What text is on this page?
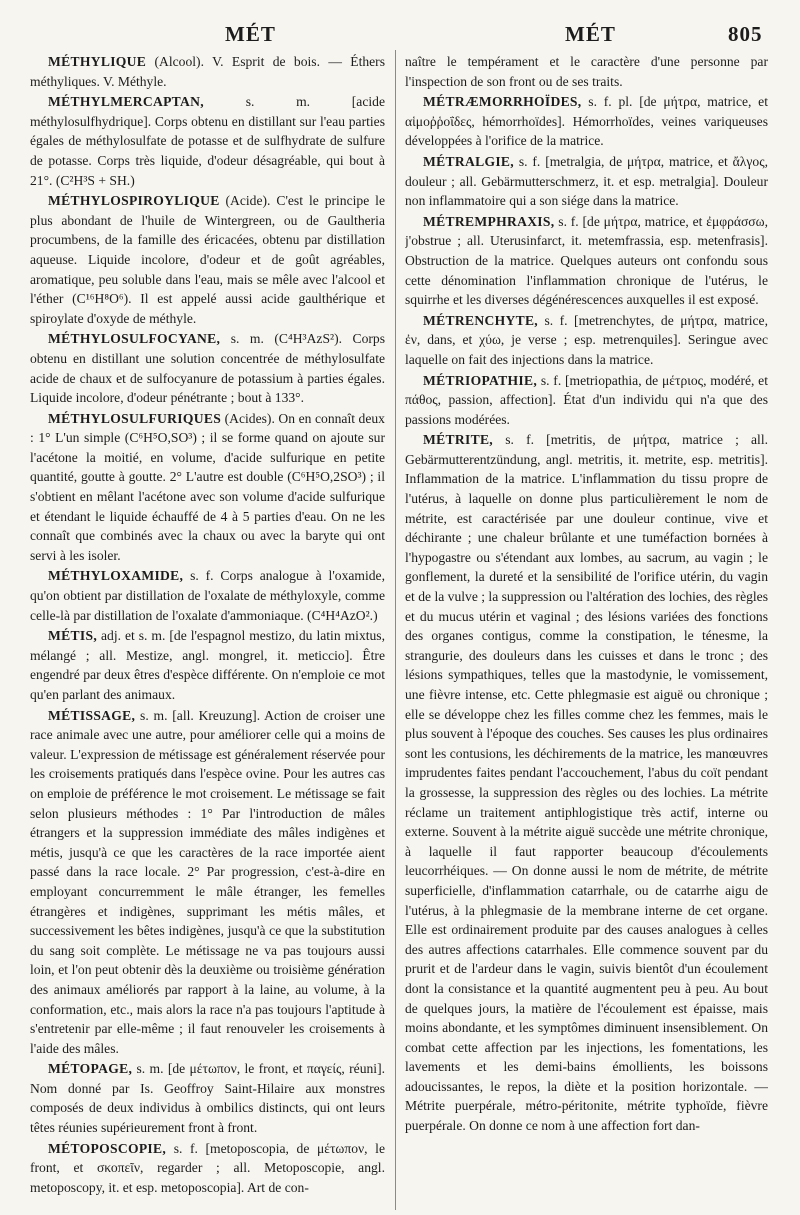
MÉT	MÉT	805

MÉTHYLIQUE (Alcool). V. Esprit de bois. — Éthers méthyliques. V. Méthyle.

MÉTHYLMERCAPTAN,	s. m. [acide méthylosulfhydrique]. Corps obtenu en distillant sur l'eau parties égales de méthylosulfate de potasse et de sulfhydrate de sulfure de potasse. Corps très liquide, d'odeur désagréable, qui bout à 21°. (C²H³S + SH.)

MÉTHYLOSPIROYLIQUE (Acide). C'est le principe le plus abondant de l'huile de Wintergreen, ou de Gaultheria procumbens, de la famille des éricacées, obtenu par distillation aqueuse. Liquide incolore, d'odeur et de goût agréables, aromatique, peu soluble dans l'eau, mais se mêle avec l'alcool et l'éther (C¹⁶H⁸O⁶). Il est appelé aussi acide gaulthérique et spiroylate d'oxyde de méthyle.

MÉTHYLOSULFOCYANE, s. m. (C⁴H³AzS²). Corps obtenu en distillant une solution concentrée de méthylosulfate acide de chaux et de sulfocyanure de potassium à parties égales. Liquide incolore, d'odeur pénétrante ; bout à 133°.

MÉTHYLOSULFURIQUES (Acides). On en connaît deux : 1° L'un simple (C⁶H⁵O,SO³) ; il se forme quand on ajoute sur l'acétone la moitié, en volume, d'acide sulfurique en petite quantité, goutte à goutte. 2° L'autre est double (C⁶H⁵O,2SO³) ; il s'obtient en mêlant l'acétone avec son volume d'acide sulfurique et étendant le liquide échauffé de 4 à 5 parties d'eau. On ne les connaît que combinés avec la chaux ou avec la baryte qui ont servi à les isoler.

MÉTHYLOXAMIDE, s. f. Corps analogue à l'oxamide, qu'on obtient par distillation de l'oxalate de méthyloxyle, comme celle-là par distillation de l'oxalate d'ammoniaque. (C⁴H⁴AzO².)

MÉTIS, adj. et s. m. [de l'espagnol mestizo, du latin mixtus, mélangé ; all. Mestize, angl. mongrel, it. meticcio]. Être engendré par deux êtres d'espèce différente. On n'emploie ce mot qu'en parlant des animaux.

MÉTISSAGE, s. m. [all. Kreuzung]. Action de croiser une race animale avec une autre, pour améliorer celle qui a moins de valeur. L'expression de métissage est généralement réservée pour les croisements pratiqués dans l'espèce ovine. Pour les autres cas on emploie de préférence le mot croisement. Le métissage se fait selon plusieurs méthodes : 1° Par l'introduction de mâles étrangers et la suppression immédiate des mâles indigènes et métis, jusqu'à ce que les caractères de la race importée aient passé dans la race locale. 2° Par progression, c'est-à-dire en employant concurremment le mâle étranger, les femelles étrangères et indigènes, supprimant les métis mâles, et successivement les bêtes indigènes, jusqu'à ce que la substitution du sang soit complète. Le métissage ne va pas toujours aussi loin, et l'on peut obtenir dès la deuxième ou troisième génération des animaux améliorés par rapport à la laine, au volume, à la conformation, etc., mais alors la race n'a pas toujours l'aptitude à s'entretenir par elle-même ; il faut renouveler les croisements à l'aide des mâles.

MÉTOPAGE, s. m. [de μέτωπον, le front, et παγείς, réuni]. Nom donné par Is. Geoffroy Saint-Hilaire aux monstres composés de deux individus à ombilics distincts, qui ont leurs têtes réunies supérieurement front à front.

MÉTOPOSCOPIE, s. f. [metoposcopia, de μέτωπον, le front, et σκοπεῖν, regarder ; all. Metoposcopie, angl. metoposcopy, it. et esp. metoposcopia]. Art de con-

naître le tempérament et le caractère d'une personne par l'inspection de son front ou de ses traits.

MÉTRÆMORRHOÏDES, s. f. pl. [de μήτρα, matrice, et αἱμοῤῥοΐδες, hémorrhoïdes]. Hémorrhoïdes, veines variqueuses développées à l'orifice de la matrice.

MÉTRALGIE, s. f. [metralgia, de μήτρα, matrice, et ἄλγος, douleur ; all. Gebärmutterschmerz, it. et esp. metralgia]. Douleur non inflammatoire qui a son siége dans la matrice.

MÉTREMPHRAXIS, s. f. [de μήτρα, matrice, et ἐμφράσσω, j'obstrue ; all. Uterusinfarct, it. metemfrassia, esp. metenfrasis]. Obstruction de la matrice. Quelques auteurs ont confondu sous cette dénomination l'inflammation chronique de l'utérus, le squirrhe et les diverses dégénérescences auxquelles il est exposé.

MÉTRENCHYTE, s. f. [metrenchytes, de μήτρα, matrice, ἐν, dans, et χύω, je verse ; esp. metrenquiles]. Seringue avec laquelle on fait des injections dans la matrice.

MÉTRIOPATHIE, s. f. [metriopathia, de μέτριος, modéré, et πάθος, passion, affection]. État d'un individu qui n'a que des passions modérées.

MÉTRITE, s. f. [metritis, de μήτρα, matrice ; all. Gebärmutterentzündung, angl. metritis, it. metrite, esp. metritis]. Inflammation de la matrice. L'inflammation du tissu propre de l'utérus, à laquelle on donne plus particulièrement le nom de métrite, est caractérisée par une douleur continue, vive et déchirante ; une chaleur brûlante et une tuméfaction bornées à l'hypogastre ou s'étendant aux lombes, au sacrum, au vagin ; le gonflement, la dureté et la sensibilité de l'orifice utérin, du vagin et de la vulve ; la suppression ou l'altération des lochies, des règles et du mucus utérin et vaginal ; des lésions variées des fonctions des organes contigus, comme la constipation, le ténesme, la strangurie, des douleurs dans les cuisses et dans le tronc ; des lésions sympathiques, telles que la mastodynie, le vomissement, une fièvre intense, etc. Cette phlegmasie est aiguë ou chronique ; elle se développe chez les filles comme chez les femmes, mais le plus souvent à l'époque des couches. Ses causes les plus ordinaires sont les contusions, les déchirements de la matrice, les manœuvres imprudentes faites pendant l'accouchement, l'abus du coït pendant la grossesse, la suppression des règles ou des lochies. La métrite réclame un traitement antiphlogistique très actif, interne ou externe. Souvent à la métrite aiguë succède une métrite chronique, à laquelle il faut rapporter beaucoup d'écoulements leucorrhéiques. — On donne aussi le nom de métrite, de métrite superficielle, d'inflammation catarrhale, ou de catarrhe aigu de l'utérus, à la phlegmasie de la membrane interne de cet organe. Elle est ordinairement produite par des causes analogues à celles des autres affections catarrhales. Elle commence souvent par du prurit et de l'ardeur dans le vagin, suivis bientôt d'un écoulement dont la consistance et la quantité augmentent peu à peu. Au bout de quelques jours, la matière de l'écoulement est épaisse, mais moins abondante, et les symptômes diminuent insensiblement. On combat cette affection par les injections, les fomentations, les lavements et les demi-bains émollients, les boissons adoucissantes, le repos, la diète et la position horizontale. — Métrite puerpérale, métro-péritonite, métrite typhoïde, fièvre puerpérale. On donne ce nom à une affection fort dan-
